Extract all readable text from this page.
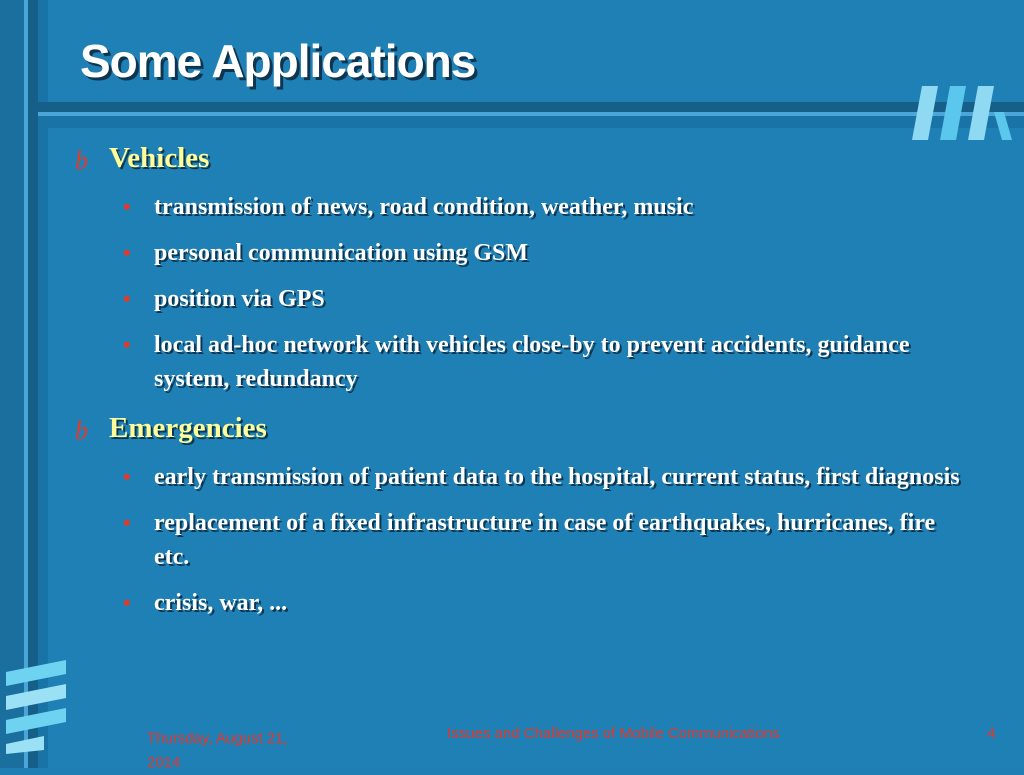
Some Applications
b Vehicles
• transmission of news, road condition, weather, music
• personal communication using GSM
• position via GPS
• local ad-hoc network with vehicles close-by to prevent accidents, guidance system, redundancy
b Emergencies
• early transmission of patient data to the hospital, current status, first diagnosis
• replacement of a fixed infrastructure in case of earthquakes, hurricanes, fire etc.
• crisis, war, ...
Thursday, August 21, 2014
Issues and Challenges of Mobile Communications	4
